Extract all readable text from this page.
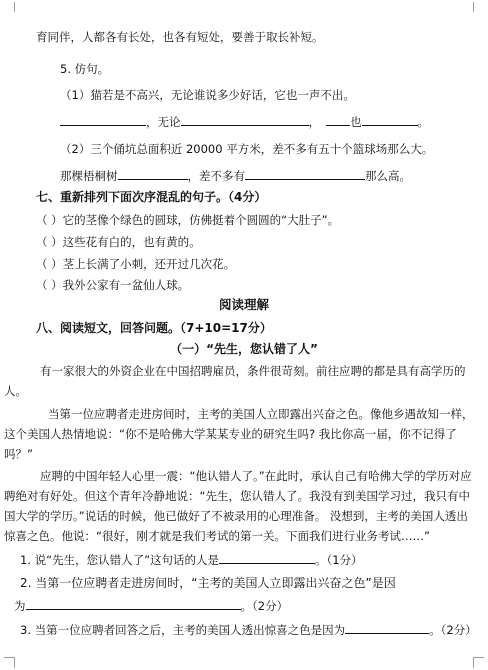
育同伴，人都各有长处，也各有短处，要善于取长补短。
5. 仿句。
（1）猫若是不高兴，无论谁说多少好话，它也一声不出。
，无论	，	也	。
（2）三个俑坑总面积近 20000 平方米，差不多有五十个篮球场那么大。
那棵梧桐树	，差不多有	那么高。
七、重新排列下面次序混乱的句子。（4分）
（ ）它的茎像个绿色的圆球，仿佛挺着个圆圆的“大肚子”。
（ ）这些花有白的，也有黄的。
（ ）茎上长满了小刺，还开过几次花。
（ ）我外公家有一盆仙人球。
阅读理解
八、阅读短文，回答问题。（7+10=17分）
（一）“先生，您认错了人”
有一家很大的外资企业在中国招聘雇员，条件很苛刻。前往应聘的都是具有高学历的人。
当第一位应聘者走进房间时，主考的美国人立即露出兴奋之色。像他乡遇故知一样，这个美国人热情地说：“你不是哈佛大学某某专业的研究生吗? 我比你高一届，你不记得了吗？”
应聘的中国年轻人心里一震：“他认错人了。”在此时，承认自己有哈佛大学的学历对应聘绝对有好处。但这个青年冷静地说：“先生，您认错人了。我没有到美国学习过，我只有中国大学的学历。”说话的时候，他已做好了不被录用的心理准备。 没想到，主考的美国人透出惊喜之色。他说：“很好，刚才就是我们考试的第一关。下面我们进行业务考试……”
1. 说“先生，您认错人了”这句话的人是	。（1分）
2. 当第一位应聘者走进房间时，“主考的美国人立即露出兴奋之色”是因
为	。（2分）
3. 当第一位应聘者回答之后，主考的美国人透出惊喜之色是因为	。（2分）
